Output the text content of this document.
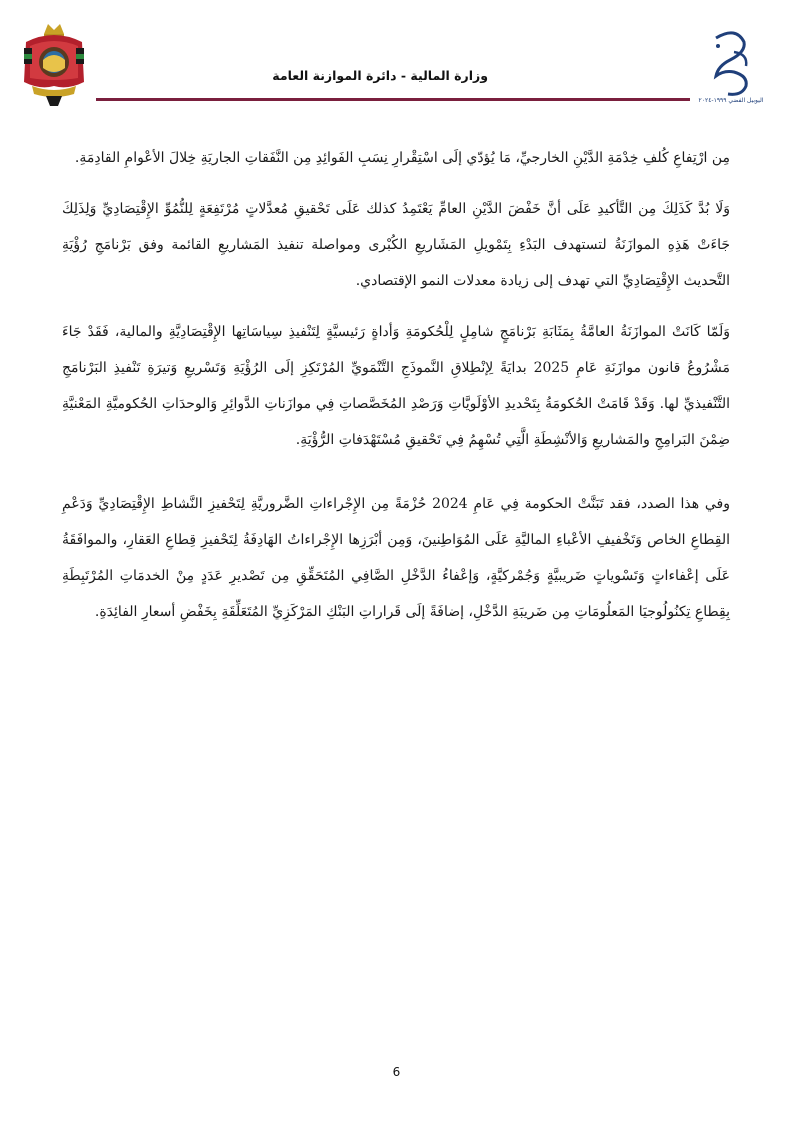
وزارة المالية - دائرة الموازنة العامة
اليوبيل الفضي ١٩٩٩-٢٠٢٤

مِن ارْتِفاعِ كُلفِ خِدْمَةِ الدَّيْنِ الخارجيِّ، مَا يُؤدّي إلَى اسْتِقْرارِ نِسَبِ الفَوائِدِ مِن النَّفَقاتِ الجاريَةِ خِلالَ الأعْوامِ القادِمَةِ.

وَلَا بُدَّ كَذَلِكَ مِن التَّأكيدِ عَلَى أنَّ خَفْضَ الدَّيْنِ العامِّ يَعْتَمِدُ كذلك عَلَى تَحْقيقِ مُعدَّلاتٍ مُرْتَفِعَةٍ لِلنُّمُوِّ الإِقْتِصَادِيِّ وَلِذَلِكَ جَاءَتْ هَذِهِ الموازَنَةُ لتستهدف البَدْءِ بِتَمْويلِ المَشَاريعِ الكُبْرى ومواصلة تنفيذ المَشاريعِ القائمة وفق بَرْنامَجِ رُؤْيَةِ التَّحديث الإِقْتِصَادِيِّ التي تهدف إلى زيادة معدلات النمو الإقتصادي.

وَلَمّا كَانَتْ الموازَنَةُ العامَّةُ بِمَثَابَةِ بَرْنامَجٍ شامِلٍ لِلْحُكومَةِ وَأداةٍ رَئيسيَّةٍ لِتَنْفيذِ سِياسَاتِها الإِقْتِصَادِيَّةِ والمالية، فَقَدْ جَاءَ مَشْرُوعُ قانون موازَنَةِ عَامِ 2025 بدايَةً لِإنْطِلاقِ النَّموذَجِ التَّنْمَويِّ المُرْتَكِزِ إلَى الرُؤْيَةِ وَتَسْريعِ وَتيرَةِ تَنْفيذِ البَرْنامَجِ التَّنْفيذيِّ لها. وَقَدْ قَامَتْ الحُكومَةُ بِتَحْديدِ الأوْلَويَّاتِ وَرَصْدِ المُخَصَّصاتِ فِي موازَناتِ الدَّوائِرِ وَالوحدَاتِ الحُكوميَّةِ المَعْنيَّةِ ضِمْنَ البَرامِجِ والمَشاريعِ وَالأنْشِطَةِ الَّتِي تُسْهِمُ فِي تَحْقيقِ مُسْتَهْدَفاتِ الرُّؤْيَةِ.

وفي هذا الصدد، فقد تَبَنَّتْ الحكومة فِي عَامِ 2024 حُزْمَةً مِن الإِجْراءاتِ الضَّروريَّةِ لِتَحْفيزِ النَّشاطِ الإِقْتِصَادِيِّ وَدَعْمِ القِطاعِ الخاص وَتَخْفيفِ الأعْباءِ الماليَّةِ عَلَى المُوَاطِنينَ، وَمِن أبْرَزِها الإِجْراءاتُ الهَادِفَةُ لِتَحْفيزِ قِطاعِ العَقارِ، والموافَقَةُ عَلَى إعْفاءاتٍ وَتَسْوياتٍ ضَريبيَّةٍ وَجُمْركيَّةٍ، وَإعْفاءُ الدَّخْلِ الصَّافِي المُتَحَقِّقِ مِن تَصْديرِ عَدَدٍ مِنْ الخدمَاتِ المُرْتَبِطَةِ بِقِطاعِ تِكنُولُوجيَا المَعلُومَاتِ مِن ضَريبَةِ الدَّخْلِ، إضافَةً إلَى قَراراتِ البَنْكِ المَرْكَزِيِّ المُتَعَلِّقَةِ بِخَفْضِ أسعارِ الفائِدَةِ.

6
